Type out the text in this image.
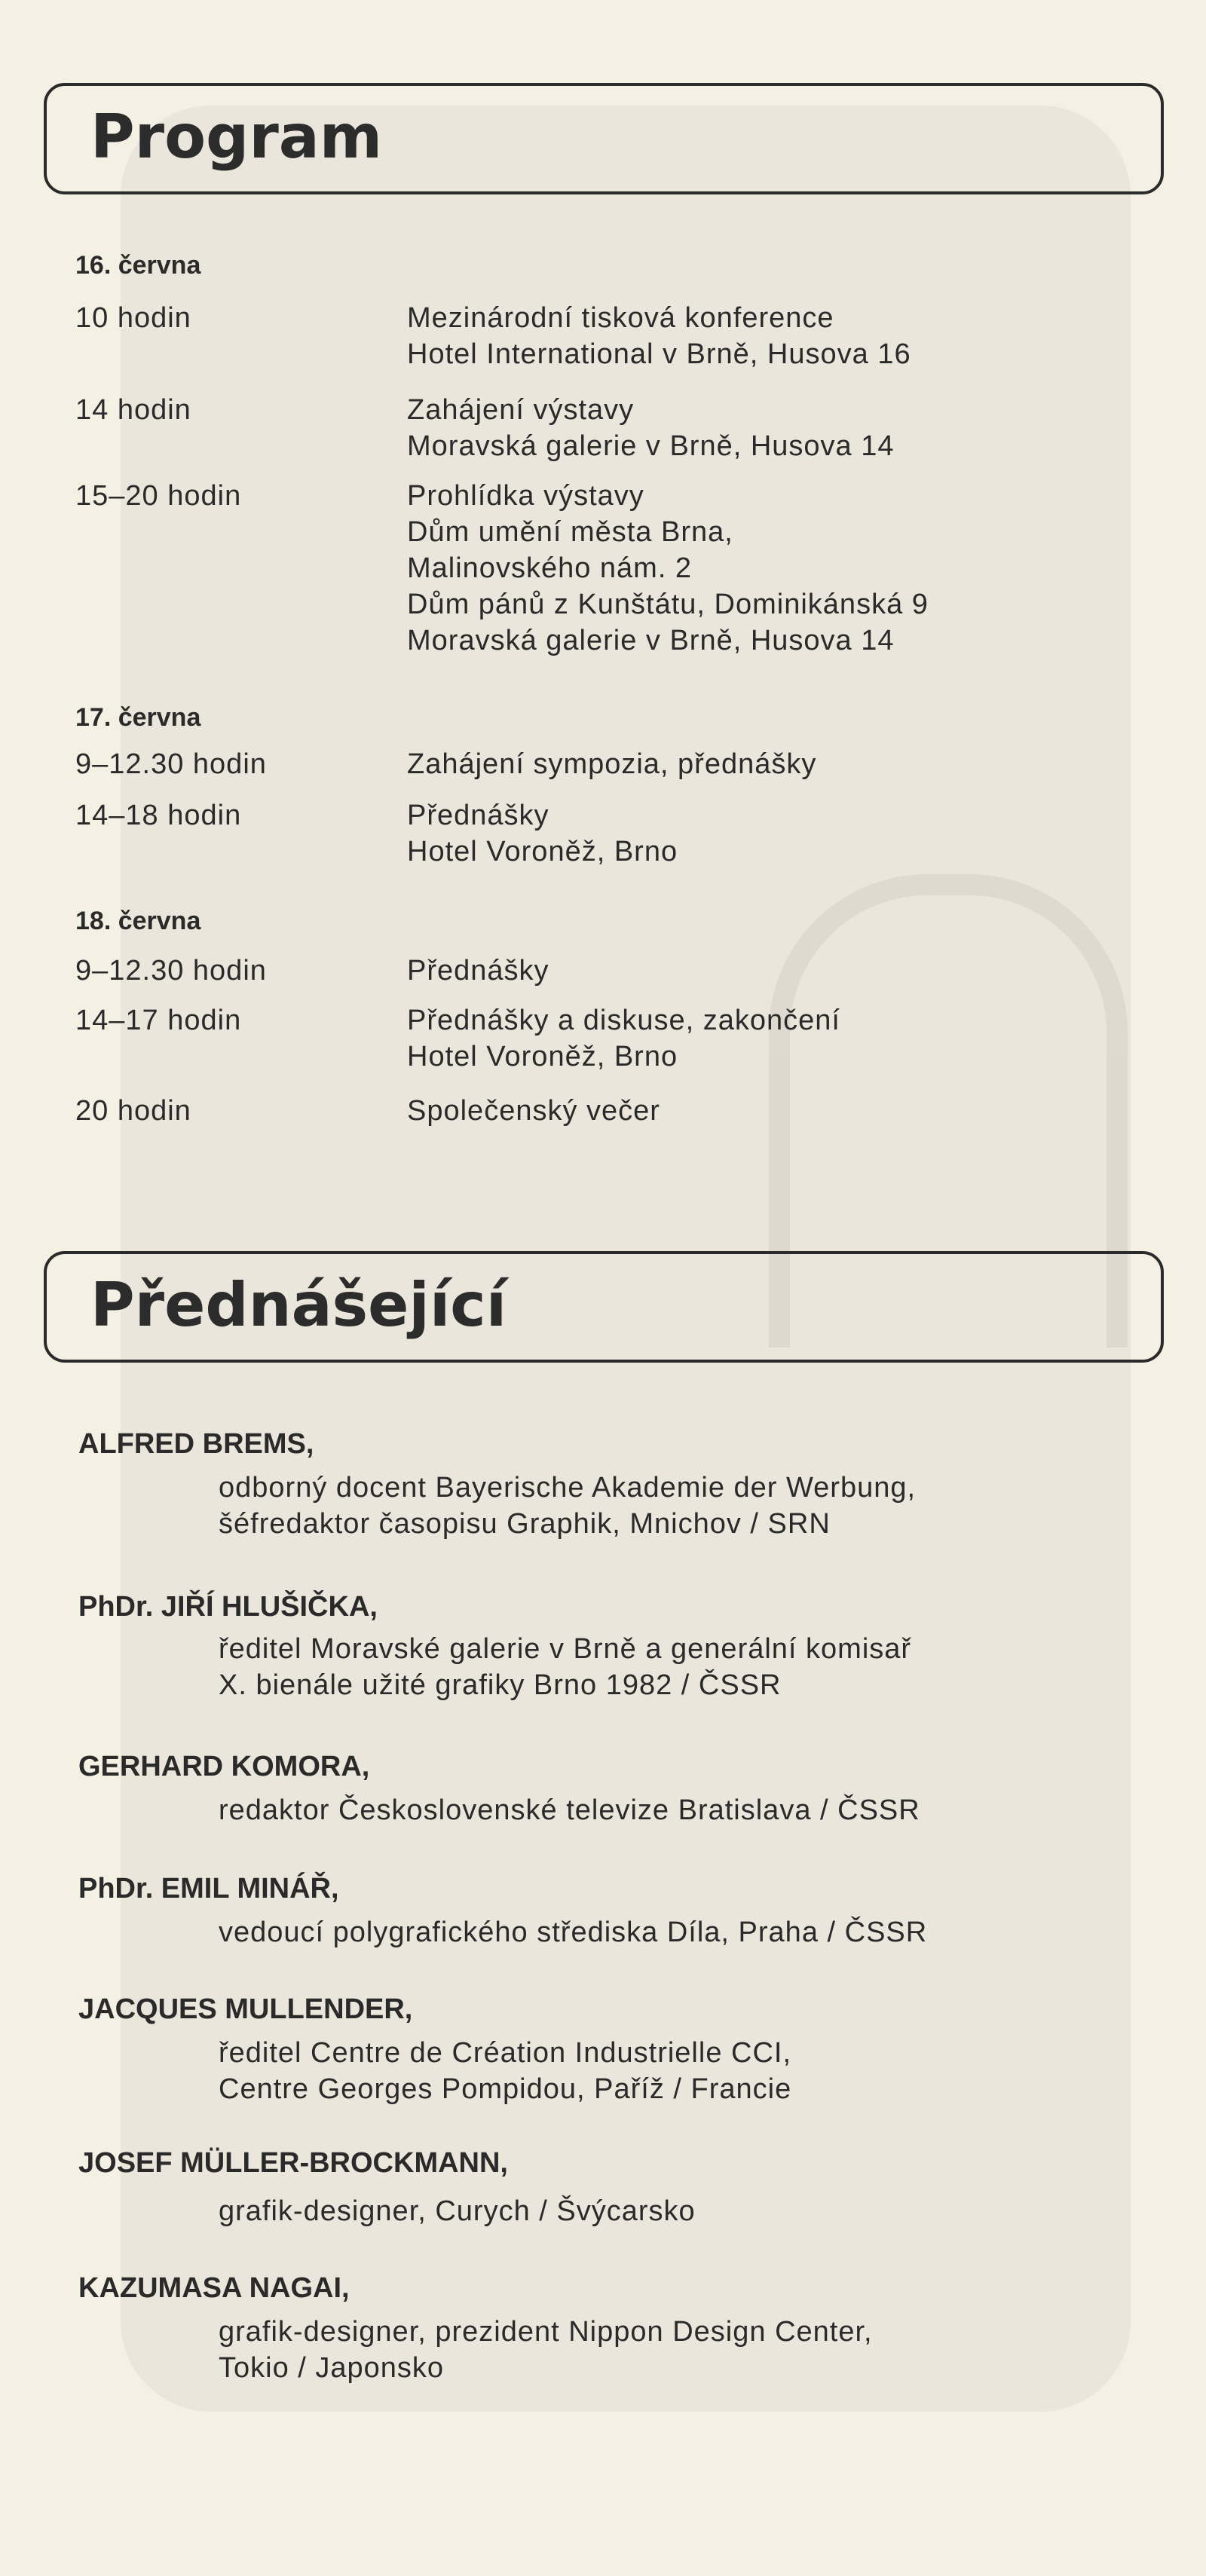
Program
16. června
10 hodin	Mezinárodní tisková konference
Hotel International v Brně, Husova 16
14 hodin	Zahájení výstavy
Moravská galerie v Brně, Husova 14
15–20 hodin	Prohlídka výstavy
Dům umění města Brna,
Malinovského nám. 2
Dům pánů z Kunštátu, Dominikánská 9
Moravská galerie v Brně, Husova 14
17. června
9–12.30 hodin	Zahájení sympozia, přednášky
14–18 hodin	Přednášky
Hotel Voroněž, Brno
18. června
9–12.30 hodin	Přednášky
14–17 hodin	Přednášky a diskuse, zakončení
Hotel Voroněž, Brno
20 hodin	Společenský večer
Přednášející
ALFRED BREMS,
odborný docent Bayerische Akademie der Werbung,
šéfredaktor časopisu Graphik, Mnichov / SRN
PhDr. JIŘÍ HLUŠIČKA,
ředitel Moravské galerie v Brně a generální komisař
X. bienále užité grafiky Brno 1982 / ČSSR
GERHARD KOMORA,
redaktor Československé televize Bratislava / ČSSR
PhDr. EMIL MINÁŘ,
vedoucí polygrafického střediska Díla, Praha / ČSSR
JACQUES MULLENDER,
ředitel Centre de Création Industrielle CCI,
Centre Georges Pompidou, Paříž / Francie
JOSEF MÜLLER-BROCKMANN,
grafik-designer, Curych / Švýcarsko
KAZUMASA NAGAI,
grafik-designer, prezident Nippon Design Center,
Tokio / Japonsko
